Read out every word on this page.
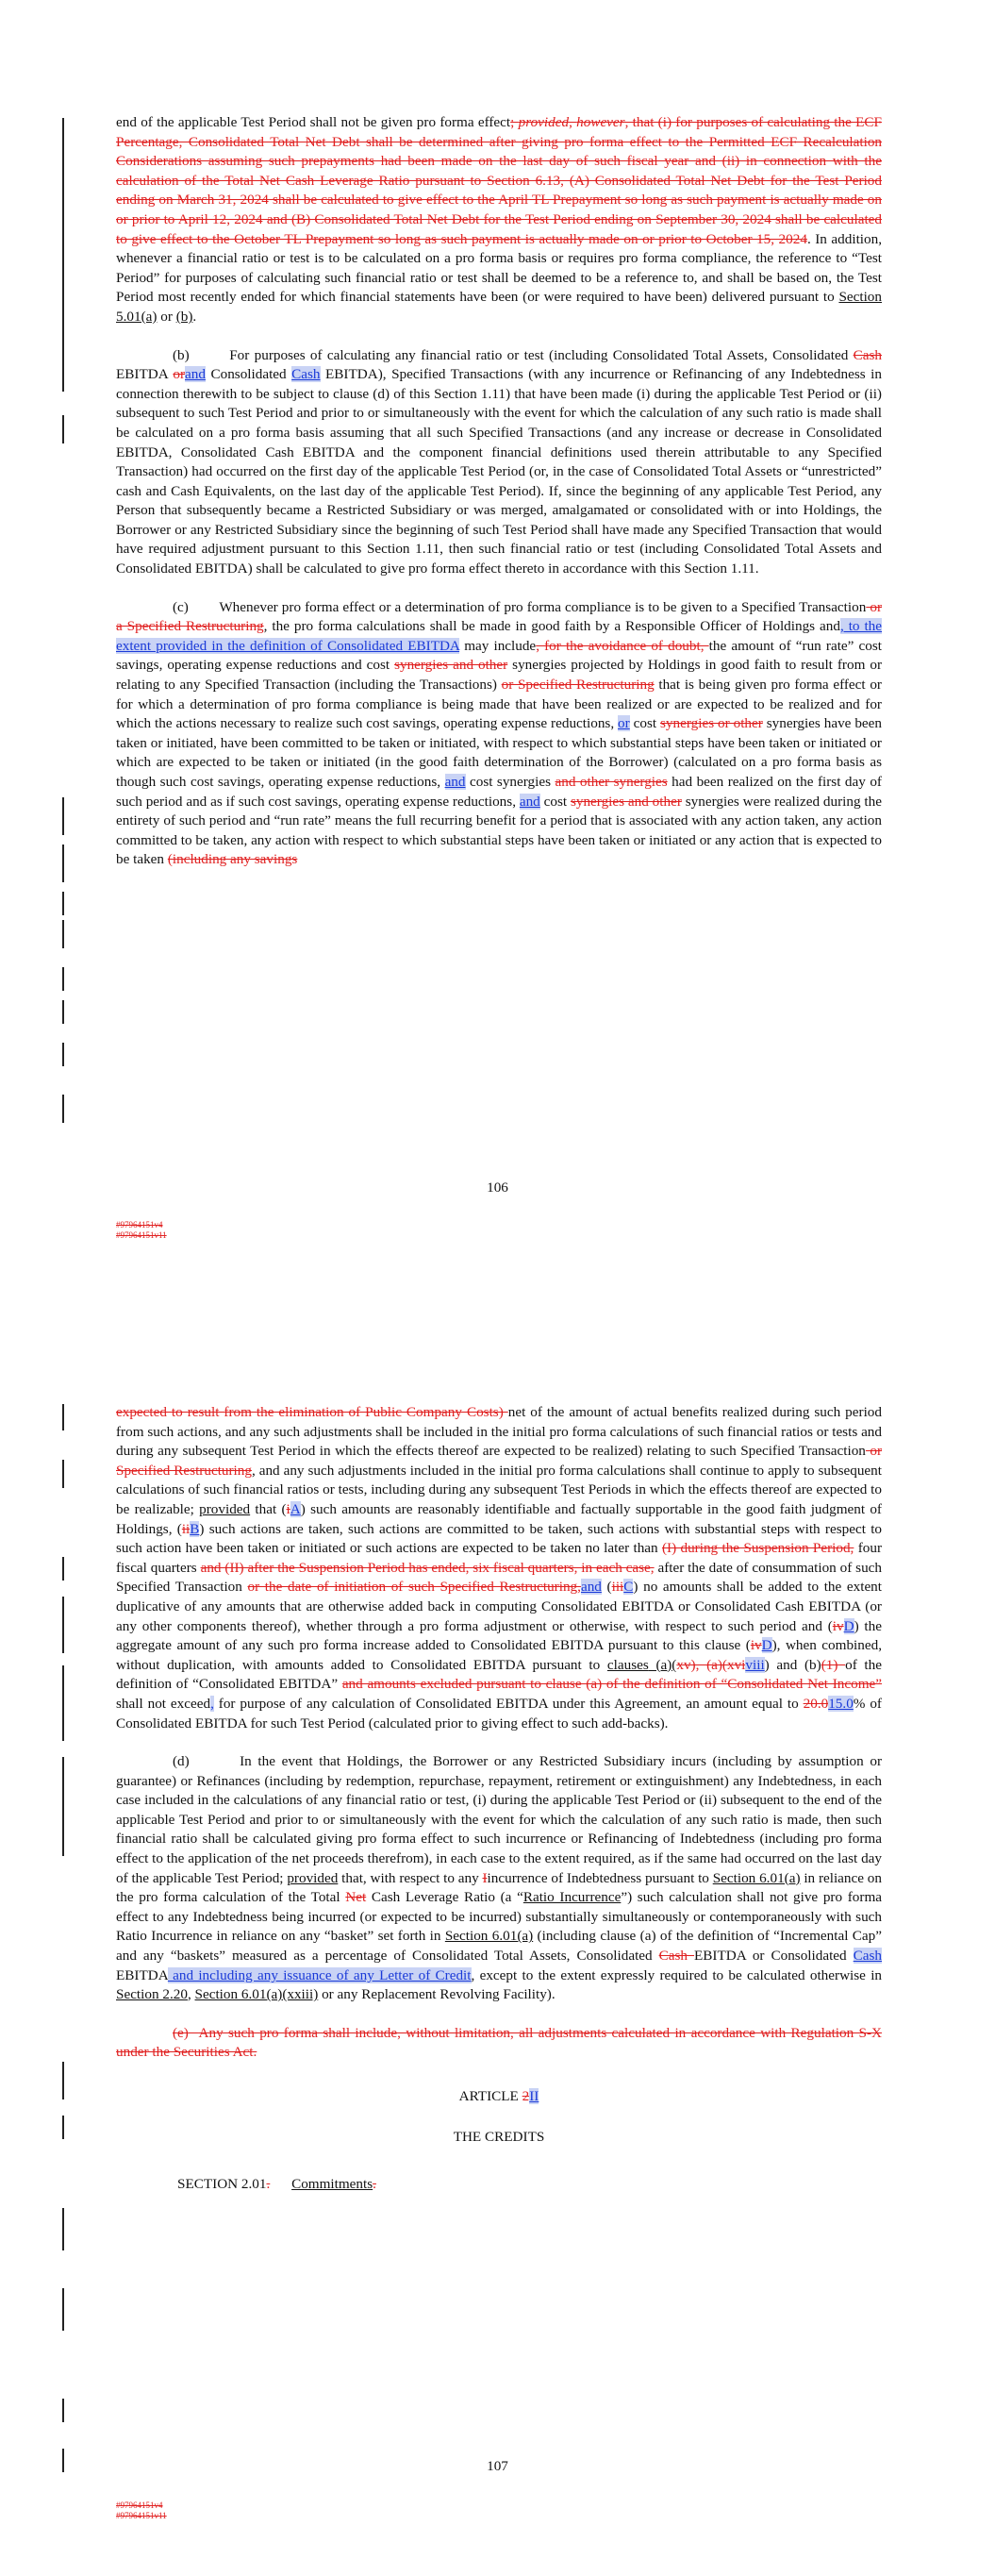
end of the applicable Test Period shall not be given pro forma effect; provided, however, that (i) for purposes of calculating the ECF Percentage, Consolidated Total Net Debt shall be determined after giving pro forma effect to the Permitted ECF Recalculation Considerations assuming such prepayments had been made on the last day of such fiscal year and (ii) in connection with the calculation of the Total Net Cash Leverage Ratio pursuant to Section 6.13, (A) Consolidated Total Net Debt for the Test Period ending on March 31, 2024 shall be calculated to give effect to the April TL Prepayment so long as such payment is actually made on or prior to April 12, 2024 and (B) Consolidated Total Net Debt for the Test Period ending on September 30, 2024 shall be calculated to give effect to the October TL Prepayment so long as such payment is actually made on or prior to October 15, 2024. In addition, whenever a financial ratio or test is to be calculated on a pro forma basis or requires pro forma compliance, the reference to “Test Period” for purposes of calculating such financial ratio or test shall be deemed to be a reference to, and shall be based on, the Test Period most recently ended for which financial statements have been (or were required to have been) delivered pursuant to Section 5.01(a) or (b).

(b)	For purposes of calculating any financial ratio or test (including Consolidated Total Assets, Consolidated Cash EBITDA orand Consolidated Cash EBITDA), Specified Transactions (with any incurrence or Refinancing of any Indebtedness in connection therewith to be subject to clause (d) of this Section 1.11) that have been made (i) during the applicable Test Period or (ii) subsequent to such Test Period and prior to or simultaneously with the event for which the calculation of any such ratio is made shall be calculated on a pro forma basis assuming that all such Specified Transactions (and any increase or decrease in Consolidated EBITDA, Consolidated Cash EBITDA and the component financial definitions used therein attributable to any Specified Transaction) had occurred on the first day of the applicable Test Period (or, in the case of Consolidated Total Assets or “unrestricted” cash and Cash Equivalents, on the last day of the applicable Test Period). If, since the beginning of any applicable Test Period, any Person that subsequently became a Restricted Subsidiary or was merged, amalgamated or consolidated with or into Holdings, the Borrower or any Restricted Subsidiary since the beginning of such Test Period shall have made any Specified Transaction that would have required adjustment pursuant to this Section 1.11, then such financial ratio or test (including Consolidated Total Assets and Consolidated EBITDA) shall be calculated to give pro forma effect thereto in accordance with this Section 1.11.

(c) Whenever pro forma effect or a determination of pro forma compliance is to be given to a Specified Transaction or a Specified Restructuring, the pro forma calculations shall be made in good faith by a Responsible Officer of Holdings and, to the extent provided in the definition of Consolidated EBITDA may include, for the avoidance of doubt, the amount of “run rate” cost savings, operating expense reductions and cost synergies and other synergies projected by Holdings in good faith to result from or relating to any Specified Transaction (including the Transactions) or Specified Restructuring that is being given pro forma effect or for which a determination of pro forma compliance is being made that have been realized or are expected to be realized and for which the actions necessary to realize such cost savings, operating expense reductions, or cost synergies or other synergies have been taken or initiated, have been committed to be taken or initiated, with respect to which substantial steps have been taken or initiated or which are expected to be taken or initiated (in the good faith determination of the Borrower) (calculated on a pro forma basis as though such cost savings, operating expense reductions, and cost synergies and other synergies had been realized on the first day of such period and as if such cost savings, operating expense reductions, and cost synergies and other synergies were realized during the entirety of such period and “run rate” means the full recurring benefit for a period that is associated with any action taken, any action committed to be taken, any action with respect to which substantial steps have been taken or initiated or any action that is expected to be taken (including any savings

106
#97964151v4
#97964151v11

expected to result from the elimination of Public Company Costs) net of the amount of actual benefits realized during such period from such actions, and any such adjustments shall be included in the initial pro forma calculations of such financial ratios or tests and during any subsequent Test Period in which the effects thereof are expected to be realized) relating to such Specified Transaction or Specified Restructuring, and any such adjustments included in the initial pro forma calculations shall continue to apply to subsequent calculations of such financial ratios or tests, including during any subsequent Test Periods in which the effects thereof are expected to be realizable; provided that (iA) such amounts are reasonably identifiable and factually supportable in the good faith judgment of Holdings, (iiB) such actions are taken, such actions are committed to be taken, such actions with substantial steps with respect to such action have been taken or initiated or such actions are expected to be taken no later than (I) during the Suspension Period, four fiscal quarters and (II) after the Suspension Period has ended, six fiscal quarters, in each case, after the date of consummation of such Specified Transaction or the date of initiation of such Specified Restructuring,and (iiiC) no amounts shall be added to the extent duplicative of any amounts that are otherwise added back in computing Consolidated EBITDA or Consolidated Cash EBITDA (or any other components thereof), whether through a pro forma adjustment or otherwise, with respect to such period and (ivD) the aggregate amount of any such pro forma increase added to Consolidated EBITDA pursuant to this clause (ivD), when combined, without duplication, with amounts added to Consolidated EBITDA pursuant to clauses (a)(xv), (a)(xviviii) and (b)(1) of the definition of “Consolidated EBITDA” and amounts excluded pursuant to clause (a) of the definition of “Consolidated Net Income” shall not exceed, for purpose of any calculation of Consolidated EBITDA under this Agreement, an amount equal to 20.015.0% of Consolidated EBITDA for such Test Period (calculated prior to giving effect to such add-backs).

(d)	In the event that Holdings, the Borrower or any Restricted Subsidiary incurs (including by assumption or guarantee) or Refinances (including by redemption, repurchase, repayment, retirement or extinguishment) any Indebtedness, in each case included in the calculations of any financial ratio or test, (i) during the applicable Test Period or (ii) subsequent to the end of the applicable Test Period and prior to or simultaneously with the event for which the calculation of any such ratio is made, then such financial ratio shall be calculated giving pro forma effect to such incurrence or Refinancing of Indebtedness (including pro forma effect to the application of the net proceeds therefrom), in each case to the extent required, as if the same had occurred on the last day of the applicable Test Period; provided that, with respect to any Iincurrence of Indebtedness pursuant to Section 6.01(a) in reliance on the pro forma calculation of the Total Net Cash Leverage Ratio (a “Ratio Incurrence”) such calculation shall not give pro forma effect to any Indebtedness being incurred (or expected to be incurred) substantially simultaneously or contemporaneously with such Ratio Incurrence in reliance on any “basket” set forth in Section 6.01(a) (including clause (a) of the definition of “Incremental Cap” and any “baskets” measured as a percentage of Consolidated Total Assets, Consolidated Cash EBITDA or Consolidated Cash EBITDA and including any issuance of any Letter of Credit, except to the extent expressly required to be calculated otherwise in Section 2.20, Section 6.01(a)(xxiii) or any Replacement Revolving Facility).

(e) Any such pro forma shall include, without limitation, all adjustments calculated in accordance with Regulation S-X under the Securities Act.

ARTICLE 2II
THE CREDITS
SECTION 2.01. Commitments.
107
#97964151v4
#97964151v11
